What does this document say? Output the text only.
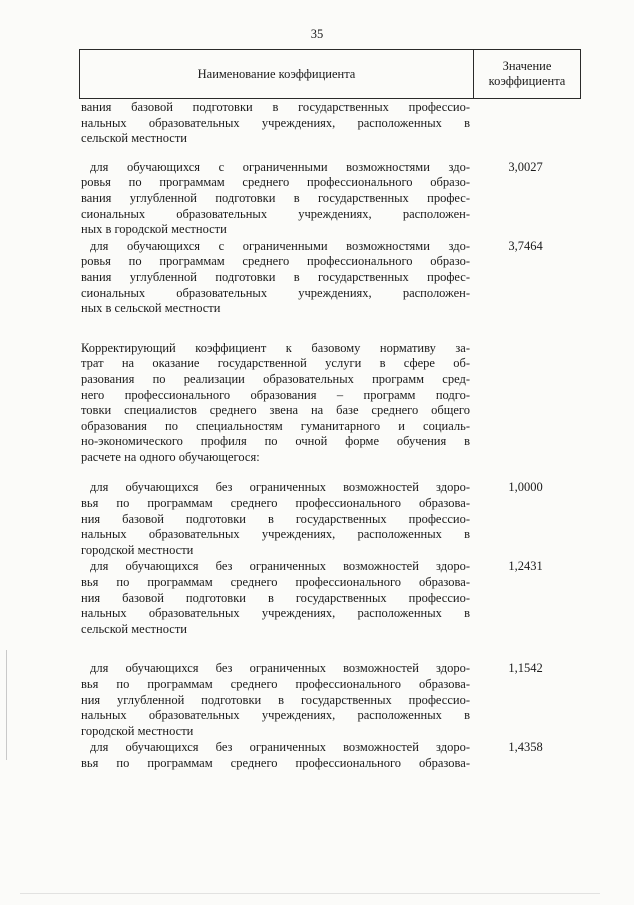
35
Наименование коэффициента
Значение
коэффициента
вания базовой подготовки в государственных профессио-
нальных образовательных учреждениях, расположенных в
сельской местности
для обучающихся с ограниченными возможностями здо-
ровья по программам среднего профессионального образо-
вания углубленной подготовки в государственных профес-
сиональных образовательных учреждениях, расположен-
ных в городской местности
3,0027
для обучающихся с ограниченными возможностями здо-
ровья по программам среднего профессионального образо-
вания углубленной подготовки в государственных профес-
сиональных образовательных учреждениях, расположен-
ных в сельской местности
3,7464
Корректирующий коэффициент к базовому нормативу за-
трат на оказание государственной услуги в сфере об-
разования по реализации образовательных программ сред-
него профессионального образования – программ подго-
товки специалистов среднего звена на базе среднего общего
образования по специальностям гуманитарного и социаль-
но-экономического профиля по очной форме обучения в
расчете на одного обучающегося:
для обучающихся без ограниченных возможностей здоро-
вья по программам среднего профессионального образова-
ния базовой подготовки в государственных профессио-
нальных образовательных учреждениях, расположенных в
городской местности
1,0000
для обучающихся без ограниченных возможностей здоро-
вья по программам среднего профессионального образова-
ния базовой подготовки в государственных профессио-
нальных образовательных учреждениях, расположенных в
сельской местности
1,2431
для обучающихся без ограниченных возможностей здоро-
вья по программам среднего профессионального образова-
ния углубленной подготовки в государственных профессио-
нальных образовательных учреждениях, расположенных в
городской местности
1,1542
для обучающихся без ограниченных возможностей здоро-
вья по программам среднего профессионального образова-
1,4358
